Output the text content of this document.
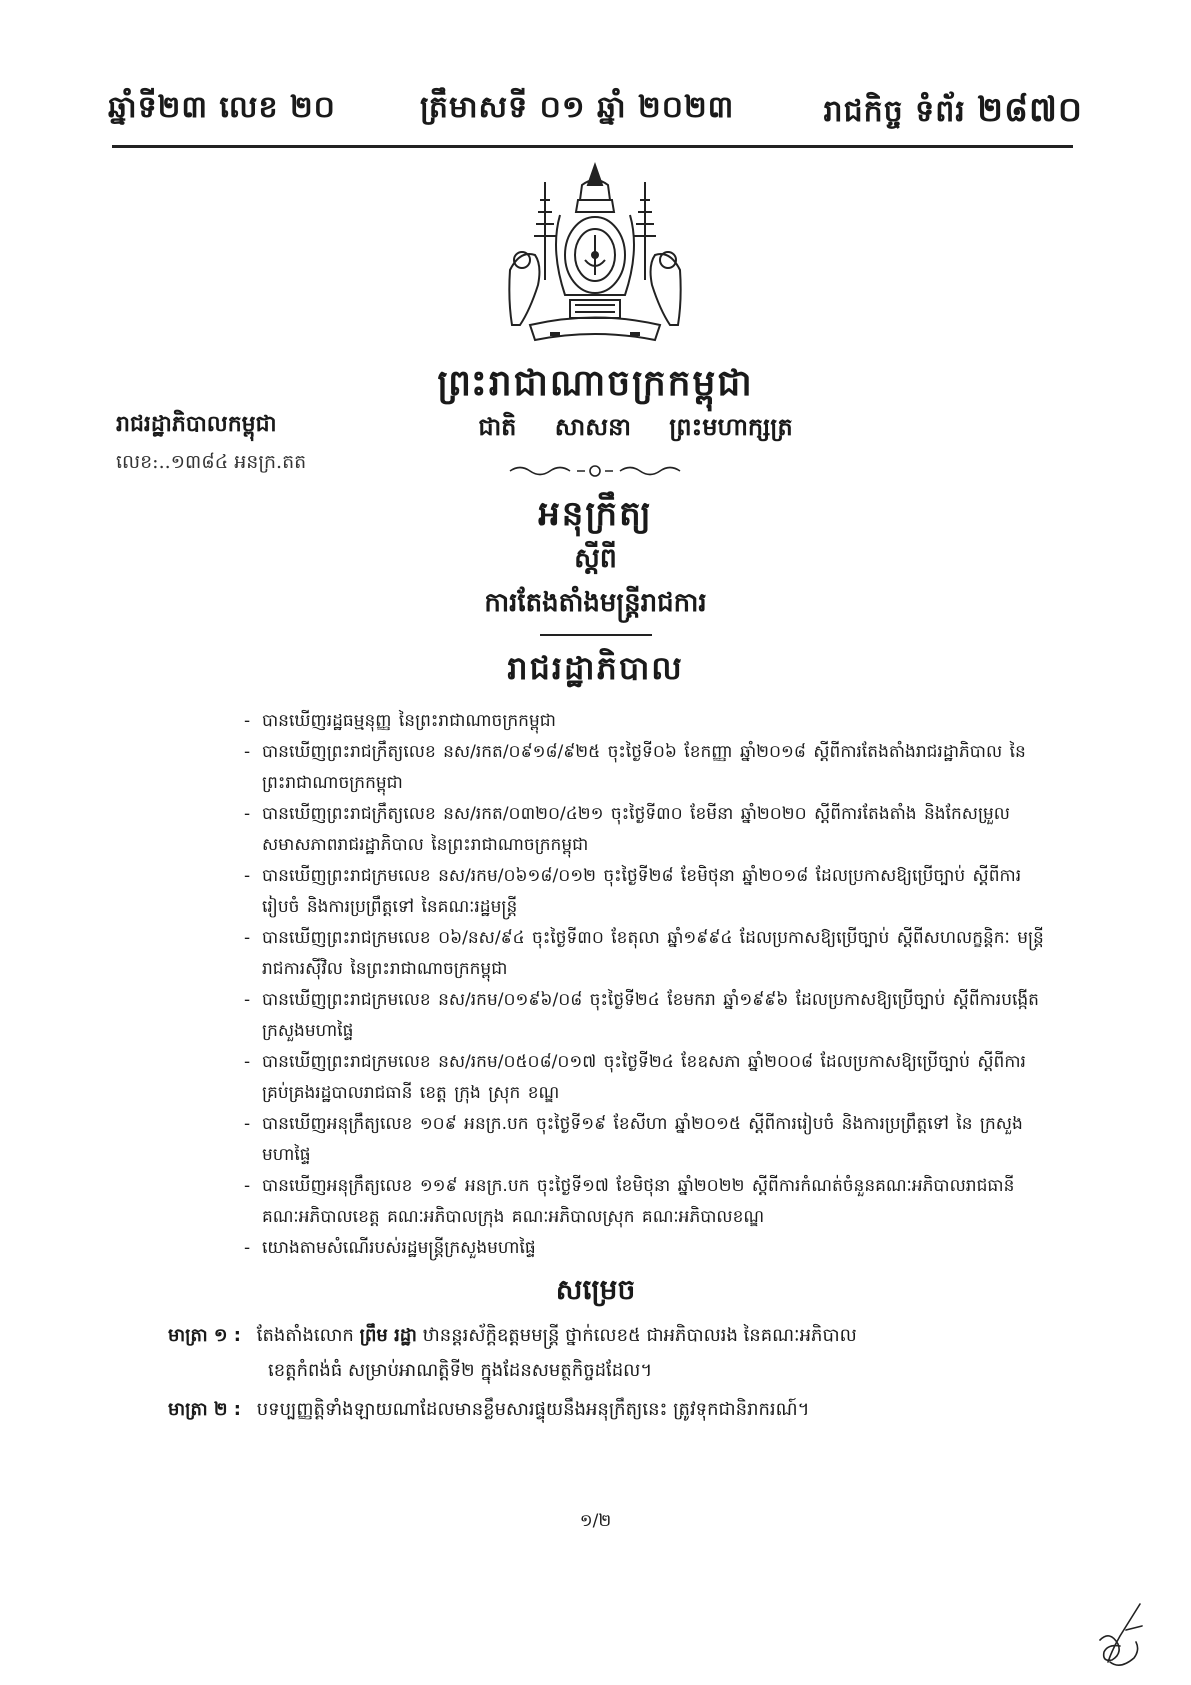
ឆ្នាំទី២៣ លេខ ២០	ត្រឹមាសទី ០១ ឆ្នាំ ២០២៣	រាជកិច្ច ទំព័រ ២៨៧០
ព្រះរាជាណាចក្រកម្ពុជា
ជាតិ សាសនា ព្រះមហាក្សត្រ
រាជរដ្ឋាភិបាលកម្ពុជា
លេខ:..១៣៨៤ អនក្រ.តត
អនុក្រឹត្យ
ស្តីពី
ការតែងតាំងមន្ត្រីរាជការ
រាជរដ្ឋាភិបាល
- បានឃើញរដ្ឋធម្មនុញ្ញ នៃព្រះរាជាណាចក្រកម្ពុជា
- បានឃើញព្រះរាជក្រឹត្យលេខ នស/រកត/០៩១៨/៩២៥ ចុះថ្ងៃទី០៦ ខែកញ្ញា ឆ្នាំ២០១៨ ស្តីពីការតែងតាំងរាជរដ្ឋាភិបាល នៃព្រះរាជាណាចក្រកម្ពុជា
- បានឃើញព្រះរាជក្រឹត្យលេខ នស/រកត/០៣២០/៤២១ ចុះថ្ងៃទី៣០ ខែមីនា ឆ្នាំ២០២០ ស្តីពីការតែងតាំង និងកែសម្រួល សមាសភាពរាជរដ្ឋាភិបាល នៃព្រះរាជាណាចក្រកម្ពុជា
- បានឃើញព្រះរាជក្រមលេខ នស/រកម/០៦១៨/០១២ ចុះថ្ងៃទី២៨ ខែមិថុនា ឆ្នាំ២០១៨ ដែលប្រកាសឱ្យប្រើច្បាប់ ស្តីពីការរៀបចំ និងការប្រព្រឹត្តទៅ នៃគណៈរដ្ឋមន្ត្រី
- បានឃើញព្រះរាជក្រមលេខ ០៦/នស/៩៤ ចុះថ្ងៃទី៣០ ខែតុលា ឆ្នាំ១៩៩៤ ដែលប្រកាសឱ្យប្រើច្បាប់ ស្តីពីសហលក្ខន្តិកៈ មន្ត្រីរាជការស៊ីវិល នៃព្រះរាជាណាចក្រកម្ពុជា
- បានឃើញព្រះរាជក្រមលេខ នស/រកម/០១៩៦/០៨ ចុះថ្ងៃទី២៤ ខែមករា ឆ្នាំ១៩៩៦ ដែលប្រកាសឱ្យប្រើច្បាប់ ស្តីពីការបង្កើតក្រសួងមហាផ្ទៃ
- បានឃើញព្រះរាជក្រមលេខ នស/រកម/០៥០៨/០១៧ ចុះថ្ងៃទី២៤ ខែឧសភា ឆ្នាំ២០០៨ ដែលប្រកាសឱ្យប្រើច្បាប់ ស្តីពីការគ្រប់គ្រងរដ្ឋបាលរាជធានី ខេត្ត ក្រុង ស្រុក ខណ្ឌ
- បានឃើញអនុក្រឹត្យលេខ ១០៩ អនក្រ.បក ចុះថ្ងៃទី១៩ ខែសីហា ឆ្នាំ២០១៥ ស្តីពីការរៀបចំ និងការប្រព្រឹត្តទៅ នៃ ក្រសួងមហាផ្ទៃ
- បានឃើញអនុក្រឹត្យលេខ ១១៩ អនក្រ.បក ចុះថ្ងៃទី១៧ ខែមិថុនា ឆ្នាំ២០២២ ស្តីពីការកំណត់ចំនួនគណៈអភិបាលរាជធានី គណៈអភិបាលខេត្ត គណៈអភិបាលក្រុង គណៈអភិបាលស្រុក គណៈអភិបាលខណ្ឌ
- យោងតាមសំណើរបស់រដ្ឋមន្ត្រីក្រសួងមហាផ្ទៃ
សម្រេច
មាត្រា ១ : តែងតាំងលោក ព្រឹម រដ្ឋា ឋានន្តរស័ក្តិឧត្តមមន្ត្រី ថ្នាក់លេខ៥ ជាអភិបាលរង នៃគណៈអភិបាល
ខេត្តកំពង់ធំ សម្រាប់អាណត្តិទី២ ក្នុងដែនសមត្ថកិច្ចដដែល។
មាត្រា ២ : បទប្បញ្ញត្តិទាំងឡាយណាដែលមានខ្លឹមសារផ្ទុយនឹងអនុក្រឹត្យនេះ ត្រូវទុកជានិរាករណ៍។
១/២
